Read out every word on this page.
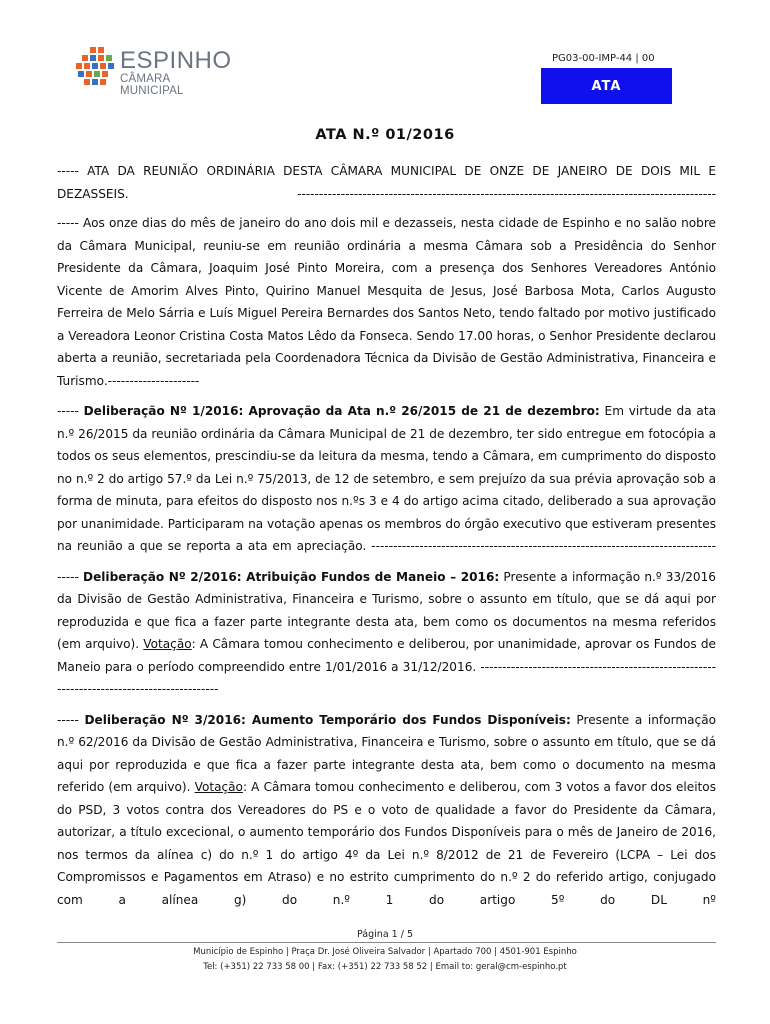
ESPINHO
CÂMARA MUNICIPAL
PG03-00-IMP-44 | 00
ATA
ATA N.º 01/2016

----- ATA DA REUNIÃO ORDINÁRIA DESTA CÂMARA MUNICIPAL DE ONZE DE JANEIRO DE DOIS MIL E DEZASSEIS. ------------------------------------------------------------------------------------------------

----- Aos onze dias do mês de janeiro do ano dois mil e dezasseis, nesta cidade de Espinho e no salão nobre da Câmara Municipal, reuniu-se em reunião ordinária a mesma Câmara sob a Presidência do Senhor Presidente da Câmara, Joaquim José Pinto Moreira, com a presença dos Senhores Vereadores António Vicente de Amorim Alves Pinto, Quirino Manuel Mesquita de Jesus, José Barbosa Mota, Carlos Augusto Ferreira de Melo Sárria e Luís Miguel Pereira Bernardes dos Santos Neto, tendo faltado por motivo justificado a Vereadora Leonor Cristina Costa Matos Lêdo da Fonseca. Sendo 17.00 horas, o Senhor Presidente declarou aberta a reunião, secretariada pela Coordenadora Técnica da Divisão de Gestão Administrativa, Financeira e Turismo.---------------------

----- Deliberação Nº 1/2016: Aprovação da Ata n.º 26/2015 de 21 de dezembro: Em virtude da ata n.º 26/2015 da reunião ordinária da Câmara Municipal de 21 de dezembro, ter sido entregue em fotocópia a todos os seus elementos, prescindiu-se da leitura da mesma, tendo a Câmara, em cumprimento do disposto no n.º 2 do artigo 57.º da Lei n.º 75/2013, de 12 de setembro, e sem prejuízo da sua prévia aprovação sob a forma de minuta, para efeitos do disposto nos n.ºs 3 e 4 do artigo acima citado, deliberado a sua aprovação por unanimidade. Participaram na votação apenas os membros do órgão executivo que estiveram presentes na reunião a que se reporta a ata em apreciação. -------------------------------------------------------------------------------

----- Deliberação Nº 2/2016: Atribuição Fundos de Maneio – 2016: Presente a informação n.º 33/2016 da Divisão de Gestão Administrativa, Financeira e Turismo, sobre o assunto em título, que se dá aqui por reproduzida e que fica a fazer parte integrante desta ata, bem como os documentos na mesma referidos (em arquivo). Votação: A Câmara tomou conhecimento e deliberou, por unanimidade, aprovar os Fundos de Maneio para o período compreendido entre 1/01/2016 a 31/12/2016. -------------------------------------------------------------------------------------------

----- Deliberação Nº 3/2016: Aumento Temporário dos Fundos Disponíveis: Presente a informação n.º 62/2016 da Divisão de Gestão Administrativa, Financeira e Turismo, sobre o assunto em título, que se dá aqui por reproduzida e que fica a fazer parte integrante desta ata, bem como o documento na mesma referido (em arquivo). Votação: A Câmara tomou conhecimento e deliberou, com 3 votos a favor dos eleitos do PSD, 3 votos contra dos Vereadores do PS e o voto de qualidade a favor do Presidente da Câmara, autorizar, a título excecional, o aumento temporário dos Fundos Disponíveis para o mês de Janeiro de 2016, nos termos da alínea c) do n.º 1 do artigo 4º da Lei n.º 8/2012 de 21 de Fevereiro (LCPA – Lei dos Compromissos e Pagamentos em Atraso) e no estrito cumprimento do n.º 2 do referido artigo, conjugado com a alínea g) do n.º 1 do artigo 5º do DL nº

Página 1 / 5
Município de Espinho | Praça Dr. José Oliveira Salvador | Apartado 700 | 4501-901 Espinho
Tel: (+351) 22 733 58 00 | Fax: (+351) 22 733 58 52 | Email to: geral@cm-espinho.pt
